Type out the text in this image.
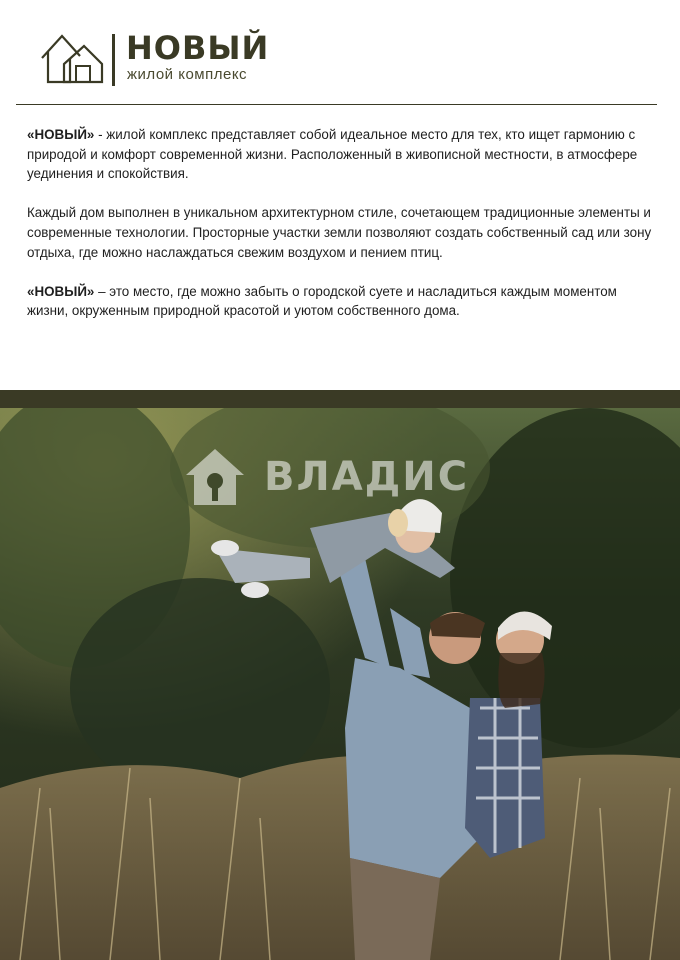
НОВЫЙ
жилой комплекс

«НОВЫЙ» - жилой комплекс представляет собой идеальное место для тех, кто ищет гармонию с природой и комфорт современной жизни. Расположенный в живописной местности, в атмосфере уединения и спокойствия.

Каждый дом выполнен в уникальном архитектурном стиле, сочетающем традиционные элементы и современные технологии. Просторные участки земли позволяют создать собственный сад или зону отдыха, где можно наслаждаться свежим воздухом и пением птиц.

«НОВЫЙ» – это место, где можно забыть о городской суете и насладиться каждым моментом жизни, окруженным природной красотой и уютом собственного дома.

ВЛАДИС
